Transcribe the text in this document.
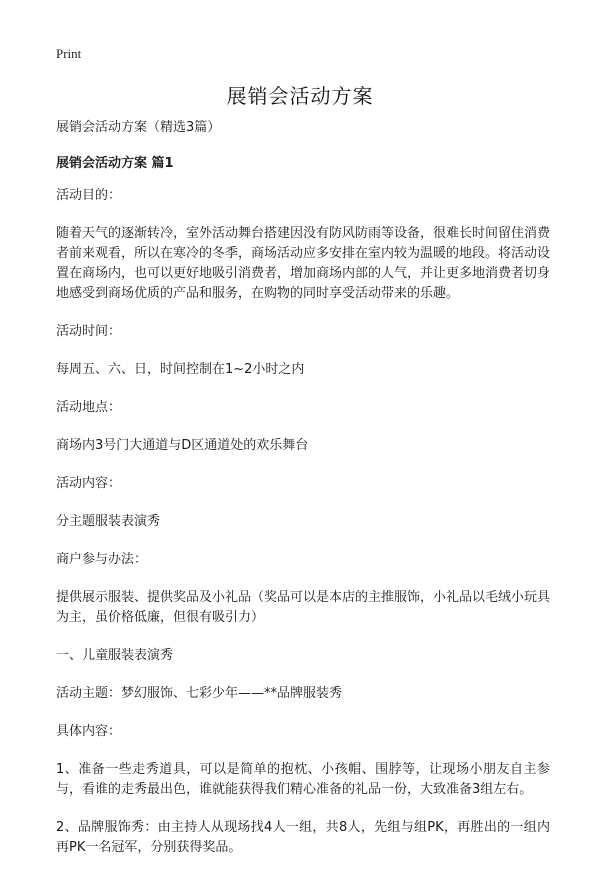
Print
展销会活动方案

展销会活动方案（精选3篇）

展销会活动方案 篇1

活动目的：

随着天气的逐渐转冷，室外活动舞台搭建因没有防风防雨等设备，很难长时间留住消费者前来观看，所以在寒冷的冬季，商场活动应多安排在室内较为温暖的地段。将活动设置在商场内，也可以更好地吸引消费者，增加商场内部的人气，并让更多地消费者切身地感受到商场优质的产品和服务，在购物的同时享受活动带来的乐趣。

活动时间：

每周五、六、日，时间控制在1~2小时之内

活动地点：

商场内3号门大通道与D区通道处的欢乐舞台

活动内容：

分主题服装表演秀

商户参与办法：

提供展示服装、提供奖品及小礼品（奖品可以是本店的主推服饰，小礼品以毛绒小玩具为主，虽价格低廉，但很有吸引力）

一、儿童服装表演秀

活动主题：梦幻服饰、七彩少年——**品牌服装秀

具体内容：

1、准备一些走秀道具，可以是简单的抱枕、小孩帽、围脖等，让现场小朋友自主参与，看谁的走秀最出色，谁就能获得我们精心准备的礼品一份，大致准备3组左右。

2、品牌服饰秀：由主持人从现场找4人一组，共8人，先组与组PK，再胜出的一组内再PK一名冠军，分别获得奖品。
